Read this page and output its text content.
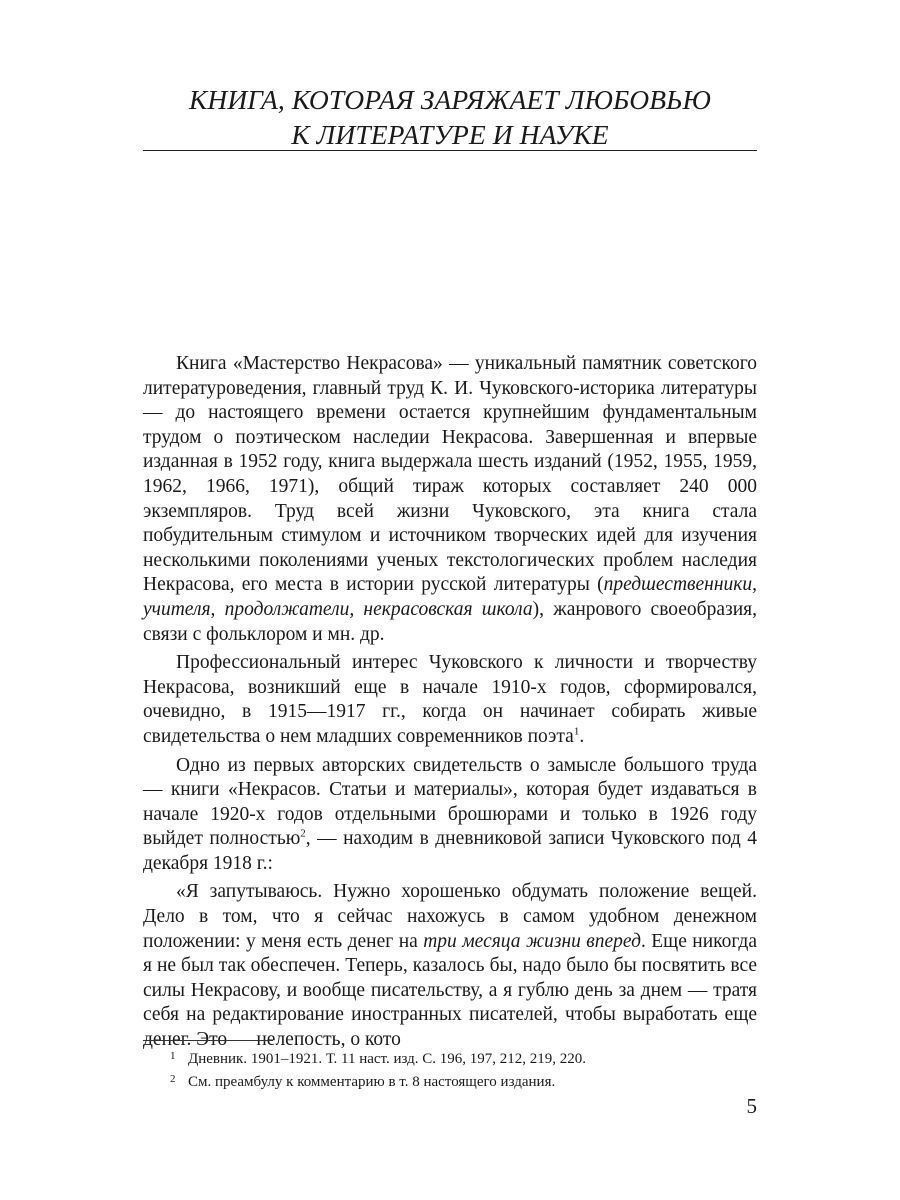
КНИГА, КОТОРАЯ ЗАРЯЖАЕТ ЛЮБОВЬЮ
К ЛИТЕРАТУРЕ И НАУКЕ

Книга «Мастерство Некрасова» — уникальный памятник советского литературоведения, главный труд К. И. Чуковского-историка литературы — до настоящего времени остается крупнейшим фундаментальным трудом о поэтическом наследии Некрасова. Завершенная и впервые изданная в 1952 году, книга выдержала шесть изданий (1952, 1955, 1959, 1962, 1966, 1971), общий тираж которых составляет 240 000 экземпляров. Труд всей жизни Чуковского, эта книга стала побудительным стимулом и источником творческих идей для изучения несколькими поколениями ученых текстологических проблем наследия Некрасова, его места в истории русской литературы (предшественники, учителя, продолжатели, некрасовская школа), жанрового своеобразия, связи с фольклором и мн. др.

Профессиональный интерес Чуковского к личности и творчеству Некрасова, возникший еще в начале 1910-х годов, сформировался, очевидно, в 1915—1917 гг., когда он начинает собирать живые свидетельства о нем младших современников поэта$^1$.

Одно из первых авторских свидетельств о замысле большого труда — книги «Некрасов. Статьи и материалы», которая будет издаваться в начале 1920-х годов отдельными брошюрами и только в 1926 году выйдет полностью$^2$, — находим в дневниковой записи Чуковского под 4 декабря 1918 г.:

«Я запутываюсь. Нужно хорошенько обдумать положение вещей. Дело в том, что я сейчас нахожусь в самом удобном денежном положении: у меня есть денег на три месяца жизни вперед. Еще никогда я не был так обеспечен. Теперь, казалось бы, надо было бы посвятить все силы Некрасову, и вообще писательству, а я гублю день за днем — тратя себя на редактирование иностранных писателей, чтобы выработать еще денег. Это — нелепость, о кото

1 Дневник. 1901–1921. Т. 11 наст. изд. С. 196, 197, 212, 219, 220.

2 См. преамбулу к комментарию в т. 8 настоящего издания.

5
